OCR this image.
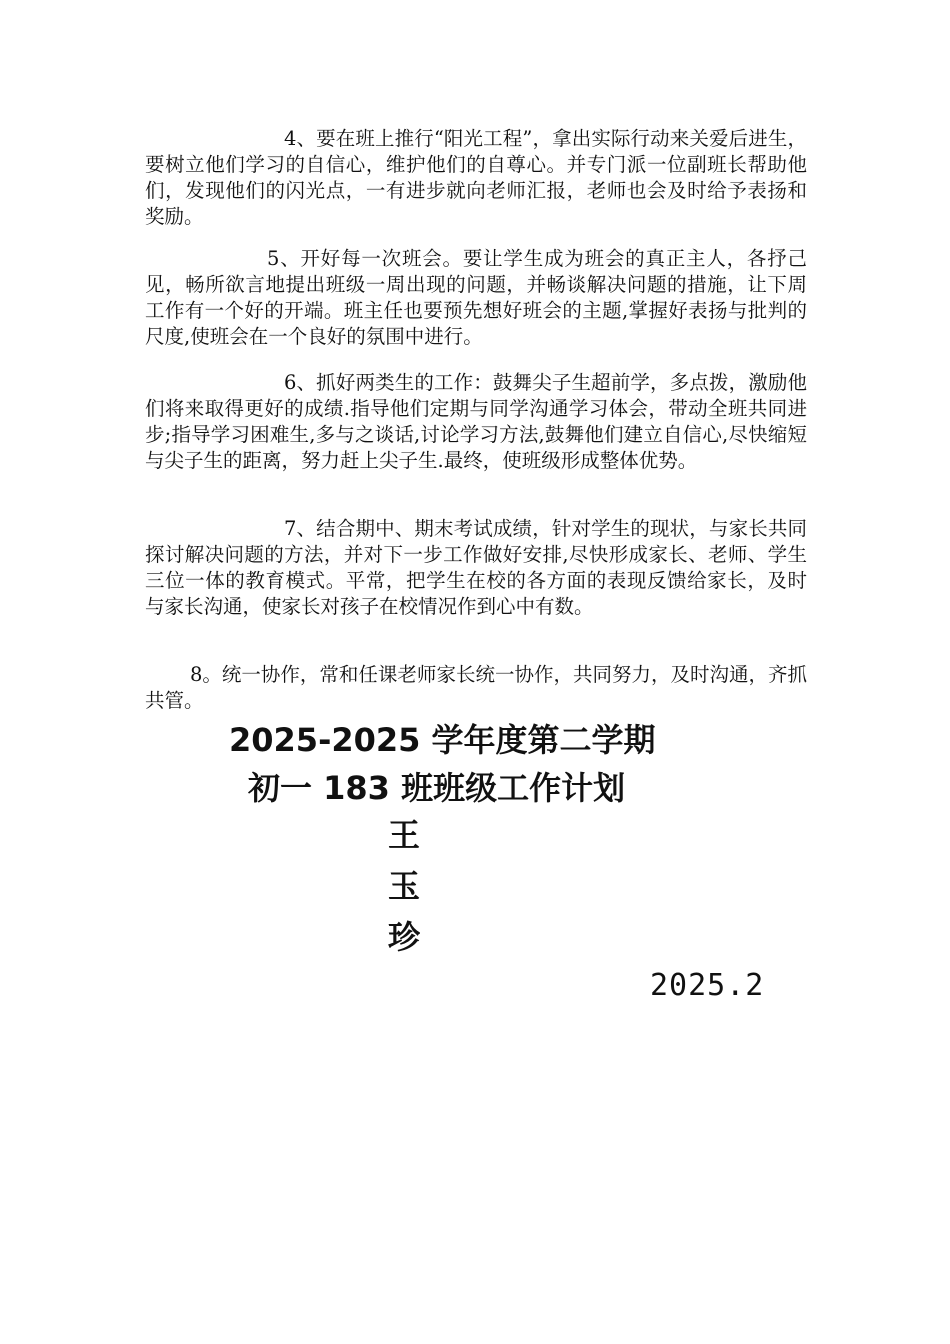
4、要在班上推行“阳光工程”，拿出实际行动来关爱后进生，要树立他们学习的自信心，维护他们的自尊心。并专门派一位副班长帮助他们，发现他们的闪光点，一有进步就向老师汇报，老师也会及时给予表扬和奖励。

5、开好每一次班会。要让学生成为班会的真正主人，各抒己见，畅所欲言地提出班级一周出现的问题，并畅谈解决问题的措施，让下周工作有一个好的开端。班主任也要预先想好班会的主题,掌握好表扬与批判的尺度,使班会在一个良好的氛围中进行。

6、抓好两类生的工作：鼓舞尖子生超前学，多点拨，激励他们将来取得更好的成绩.指导他们定期与同学沟通学习体会，带动全班共同进步;指导学习困难生,多与之谈话,讨论学习方法,鼓舞他们建立自信心,尽快缩短与尖子生的距离，努力赶上尖子生.最终，使班级形成整体优势。

7、结合期中、期末考试成绩，针对学生的现状，与家长共同探讨解决问题的方法，并对下一步工作做好安排,尽快形成家长、老师、学生三位一体的教育模式。平常，把学生在校的各方面的表现反馈给家长，及时与家长沟通，使家长对孩子在校情况作到心中有数。

8。统一协作，常和任课老师家长统一协作，共同努力，及时沟通，齐抓共管。

2025-2025 学年度第二学期
初一 183 班班级工作计划
王
玉
珍
2025.2
